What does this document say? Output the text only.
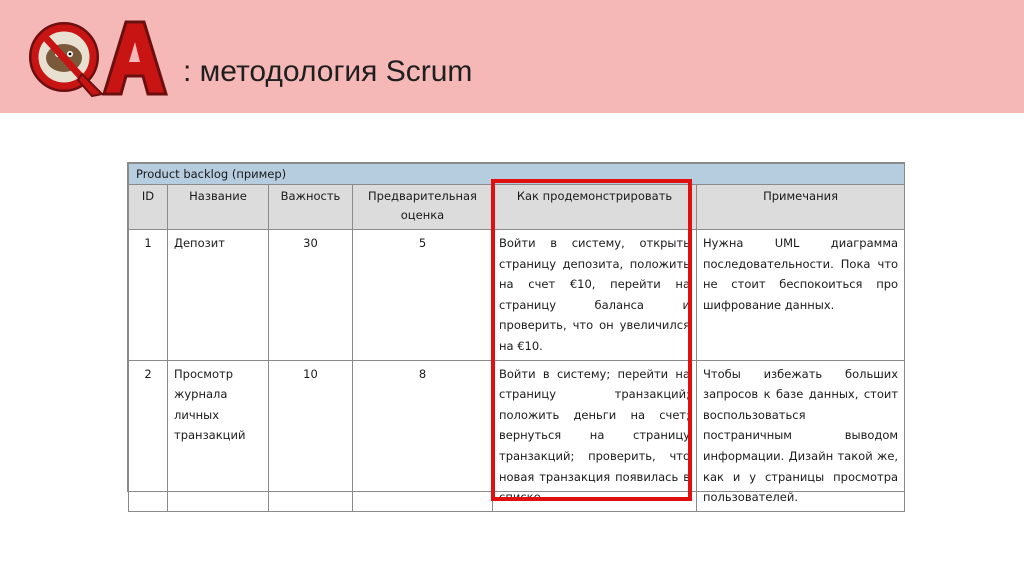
: методология Scrum
Product backlog (пример)					
ID	Название	Важность	Предварительная оценка	Как продемонстрировать	Примечания
1	Депозит	30	5	Войти в систему, открыть страницу депозита, положить на счет €10, перейти на страницу баланса и проверить, что он увеличился на €10.	Нужна UML диаграмма последовательности. Пока что не стоит беспокоиться про шифрование данных.
2	Просмотр журнала личных транзакций	10	8	Войти в систему; перейти на страницу транзакций; положить деньги на счет; вернуться на страницу транзакций; проверить, что новая транзакция появилась в списке.	Чтобы избежать больших запросов к базе данных, стоит воспользоваться постраничным выводом информации. Дизайн такой же, как и у страницы просмотра пользователей.
